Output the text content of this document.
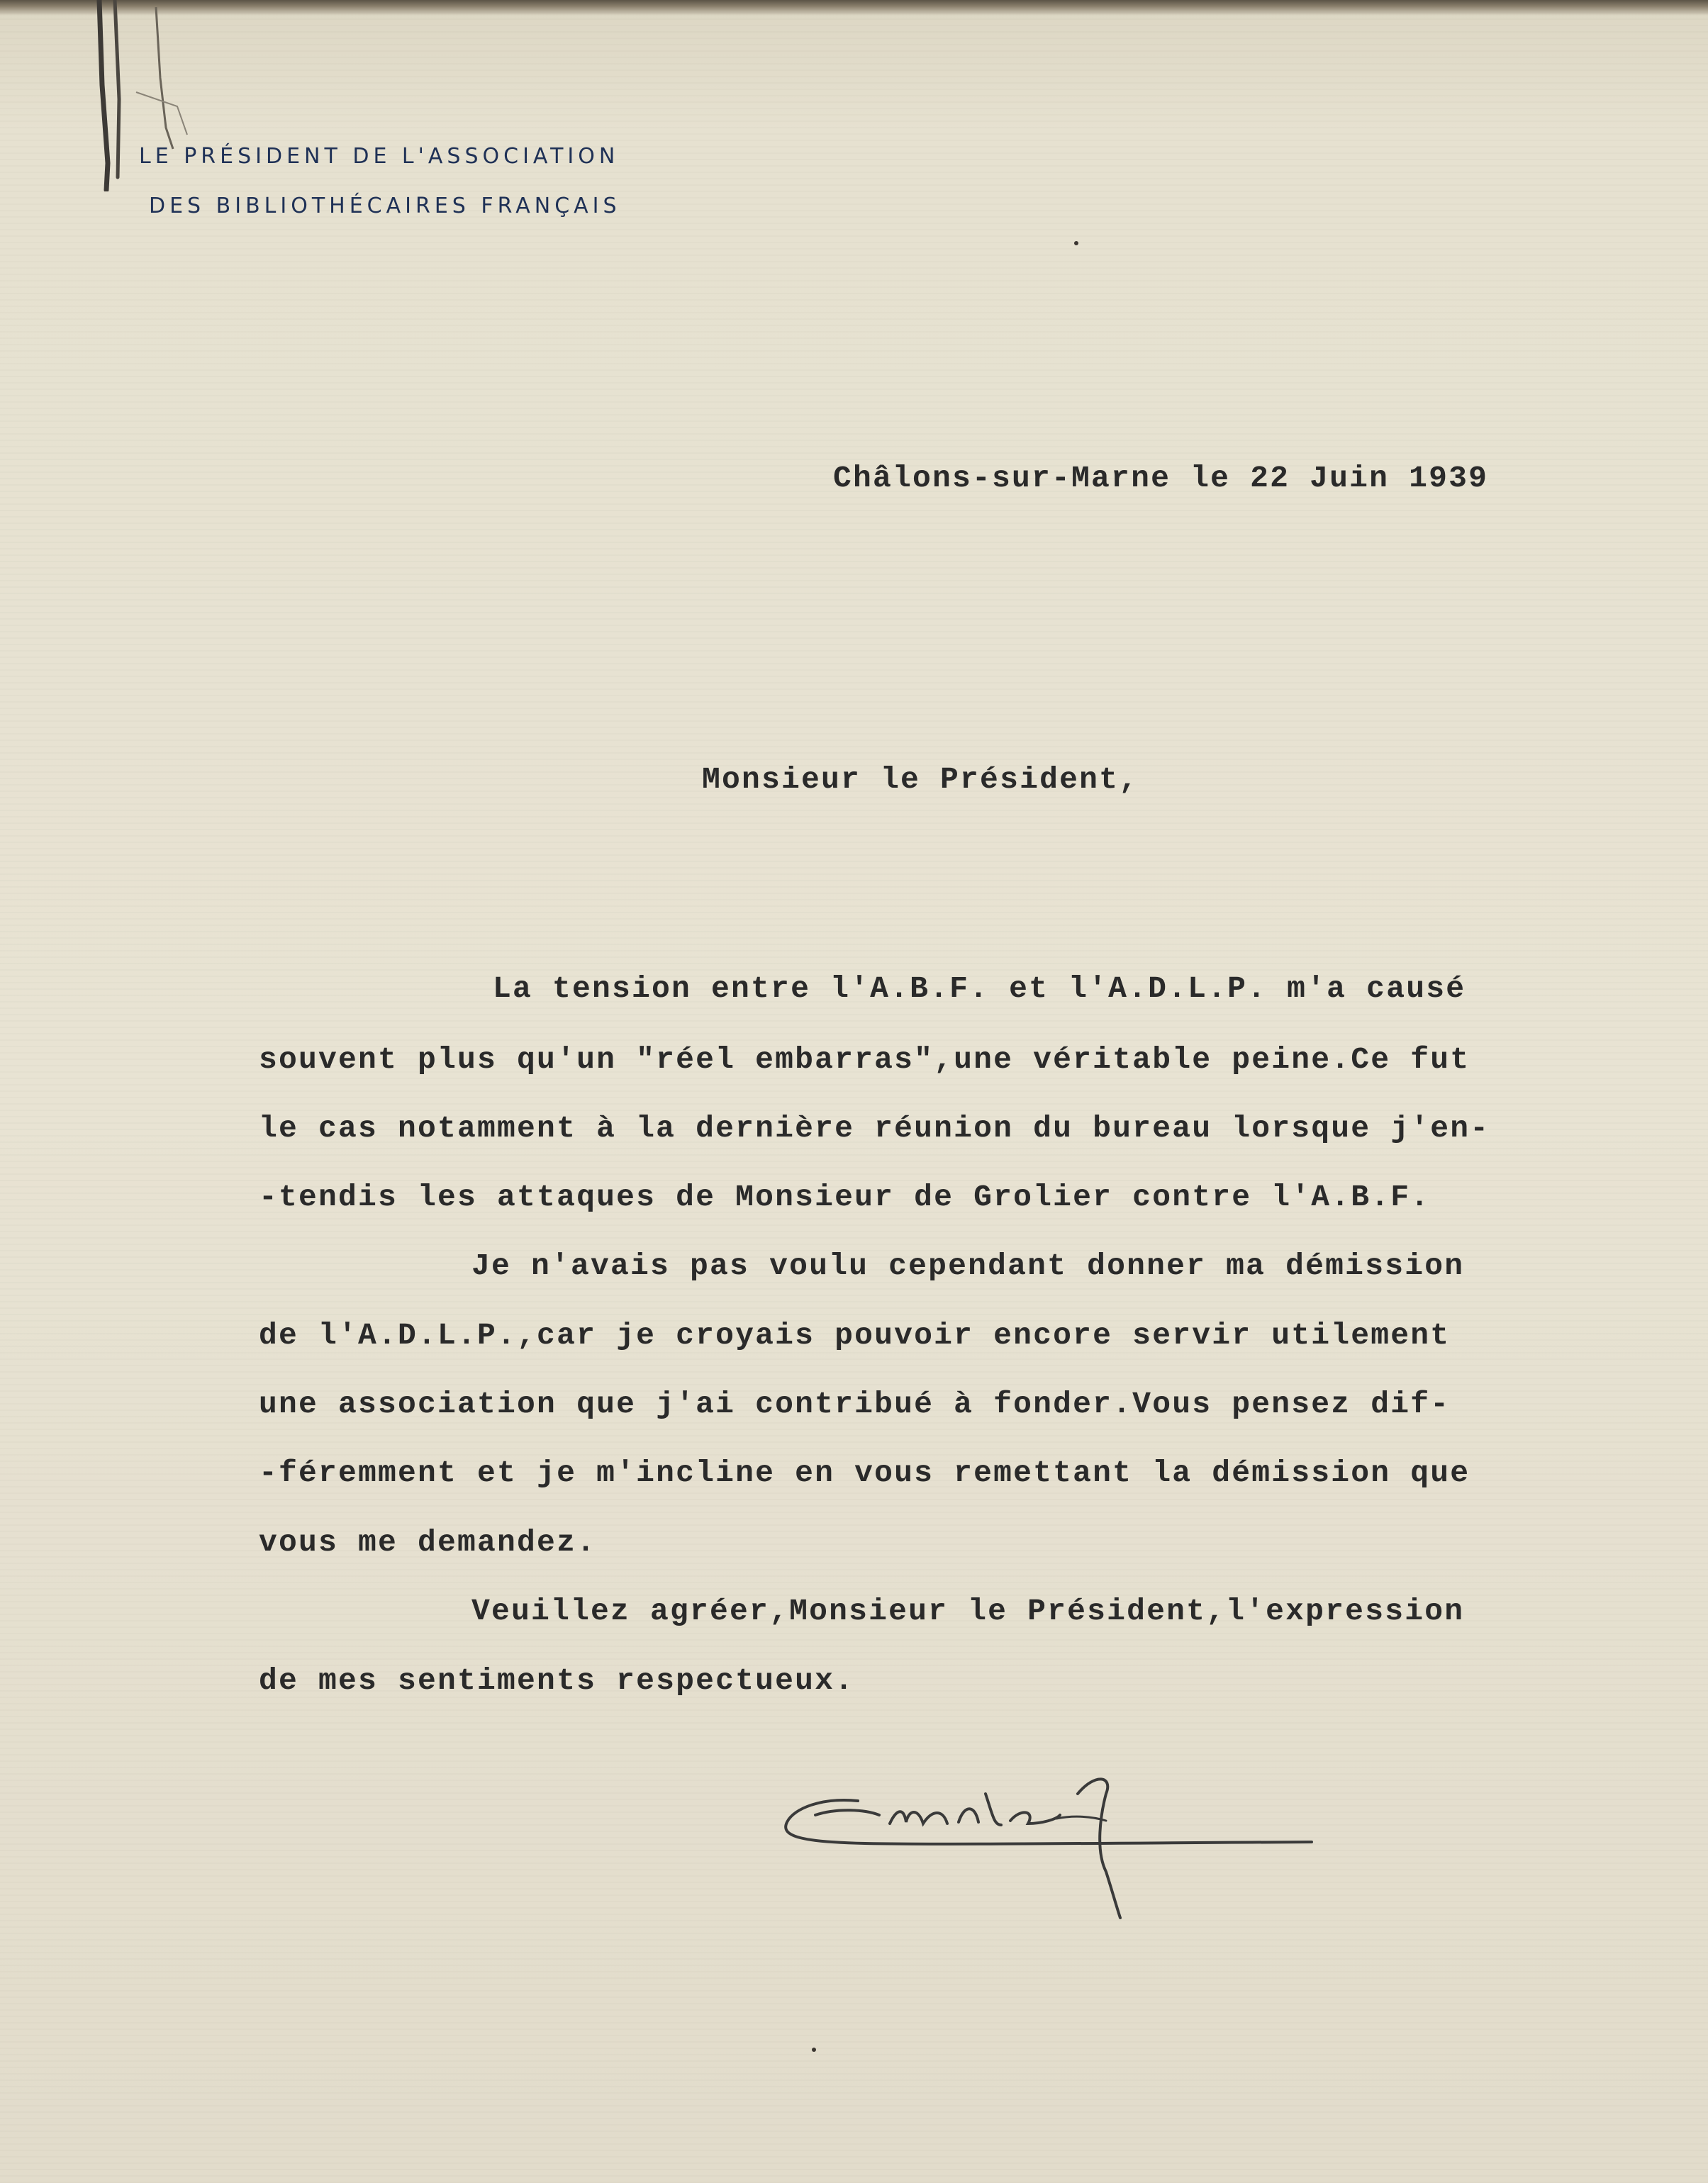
LE PRÉSIDENT DE L'ASSOCIATION
DES BIBLIOTHÉCAIRES FRANÇAIS
Châlons-sur-Marne le 22 Juin 1939
Monsieur le Président,
La tension entre l'A.B.F. et l'A.D.L.P. m'a causé
souvent plus qu'un "réel embarras",une véritable peine.Ce fut
le cas notamment à la dernière réunion du bureau lorsque j'en-
-tendis les attaques de Monsieur de Grolier contre l'A.B.F.
Je n'avais pas voulu cependant donner ma démission
de l'A.D.L.P.,car je croyais pouvoir encore servir utilement
une association que j'ai contribué à fonder.Vous pensez dif-
-féremment et je m'incline en vous remettant la démission que
vous me demandez.
Veuillez agréer,Monsieur le Président,l'expression
de mes sentiments respectueux.
